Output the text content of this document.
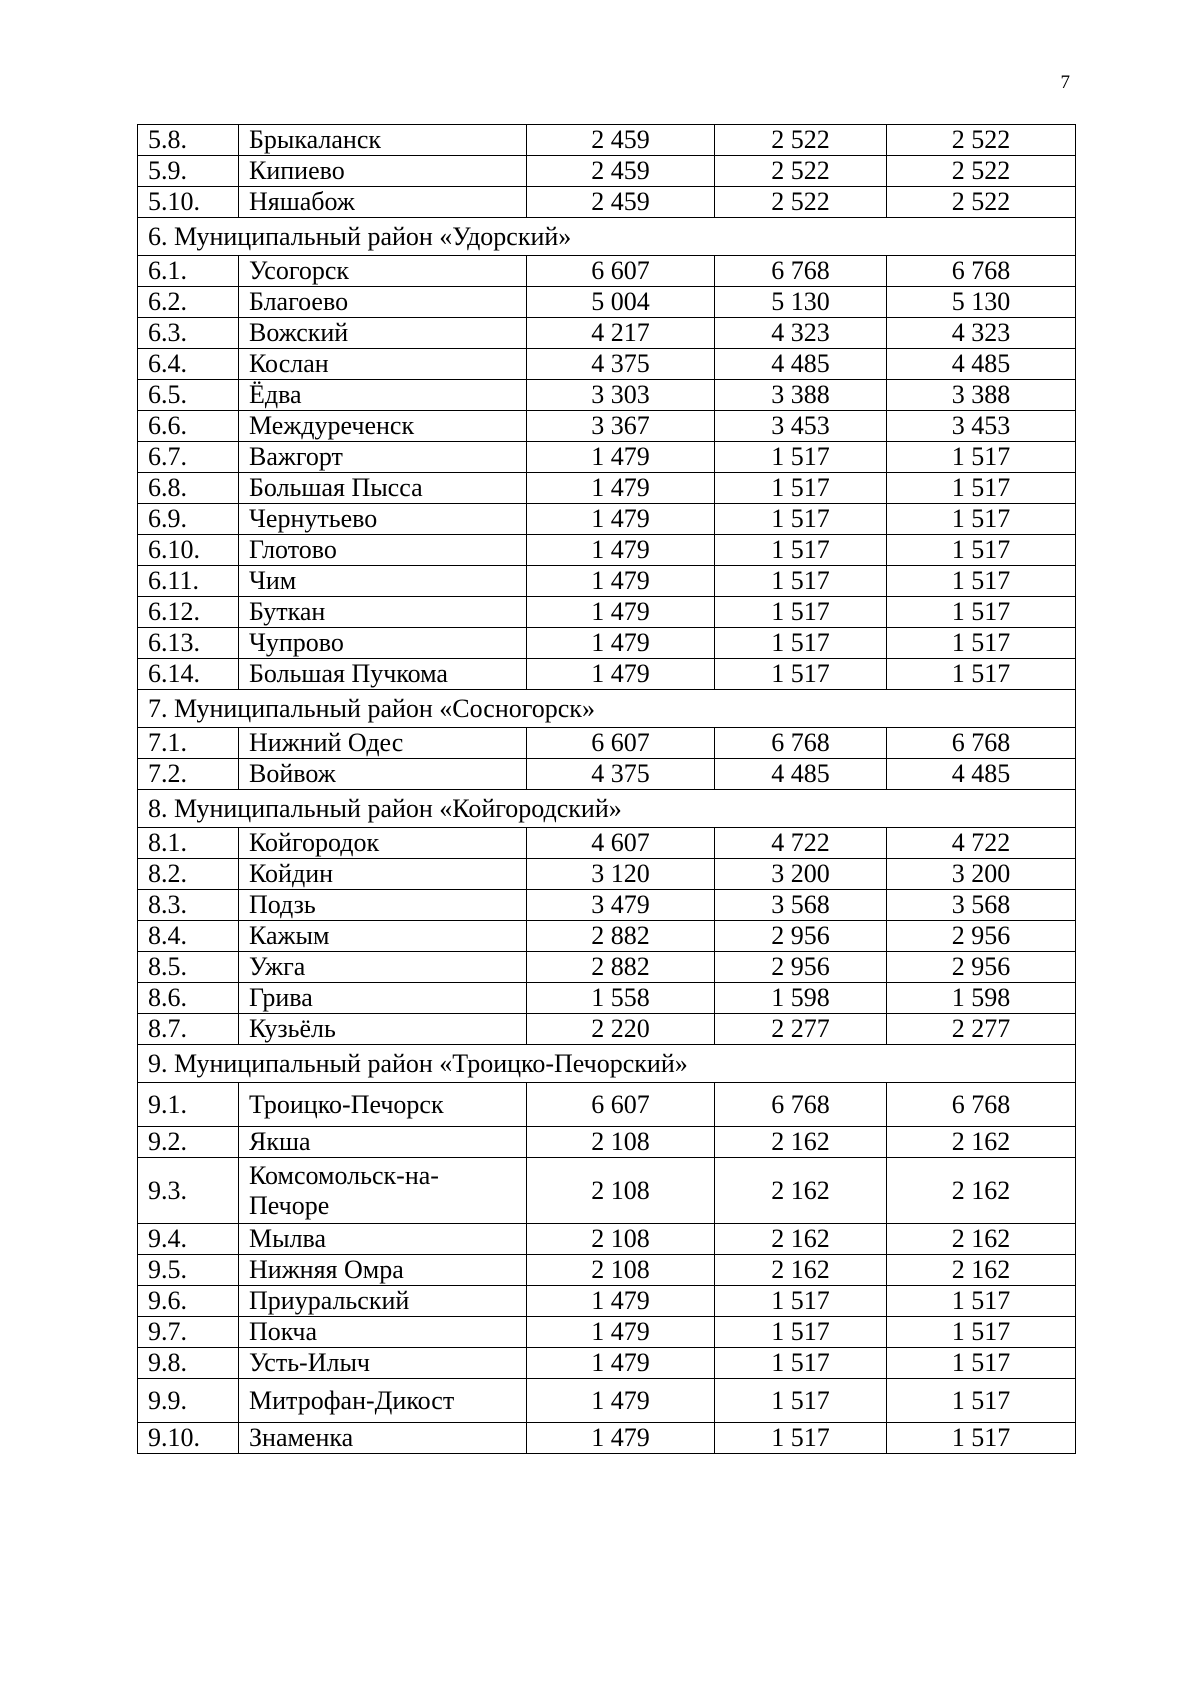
7
5.8.	Брыкаланск	2 459	2 522	2 522
5.9.	Кипиево	2 459	2 522	2 522
5.10.	Няшабож	2 459	2 522	2 522
6. Муниципальный район «Удорский»				
6.1.	Усогорск	6 607	6 768	6 768
6.2.	Благоево	5 004	5 130	5 130
6.3.	Вожский	4 217	4 323	4 323
6.4.	Кослан	4 375	4 485	4 485
6.5.	Ёдва	3 303	3 388	3 388
6.6.	Междуреченск	3 367	3 453	3 453
6.7.	Важгорт	1 479	1 517	1 517
6.8.	Большая Пысса	1 479	1 517	1 517
6.9.	Чернутьево	1 479	1 517	1 517
6.10.	Глотово	1 479	1 517	1 517
6.11.	Чим	1 479	1 517	1 517
6.12.	Буткан	1 479	1 517	1 517
6.13.	Чупрово	1 479	1 517	1 517
6.14.	Большая Пучкома	1 479	1 517	1 517
7. Муниципальный район «Сосногорск»				
7.1.	Нижний Одес	6 607	6 768	6 768
7.2.	Войвож	4 375	4 485	4 485
8. Муниципальный район «Койгородский»				
8.1.	Койгородок	4 607	4 722	4 722
8.2.	Койдин	3 120	3 200	3 200
8.3.	Подзь	3 479	3 568	3 568
8.4.	Кажым	2 882	2 956	2 956
8.5.	Ужга	2 882	2 956	2 956
8.6.	Грива	1 558	1 598	1 598
8.7.	Кузьёль	2 220	2 277	2 277
9. Муниципальный район «Троицко-Печорский»				
9.1.	Троицко-Печорск	6 607	6 768	6 768
9.2.	Якша	2 108	2 162	2 162
9.3.	Комсомольск-на-Печоре	2 108	2 162	2 162
9.4.	Мылва	2 108	2 162	2 162
9.5.	Нижняя Омра	2 108	2 162	2 162
9.6.	Приуральский	1 479	1 517	1 517
9.7.	Покча	1 479	1 517	1 517
9.8.	Усть-Илыч	1 479	1 517	1 517
9.9.	Митрофан-Дикост	1 479	1 517	1 517
9.10.	Знаменка	1 479	1 517	1 517
